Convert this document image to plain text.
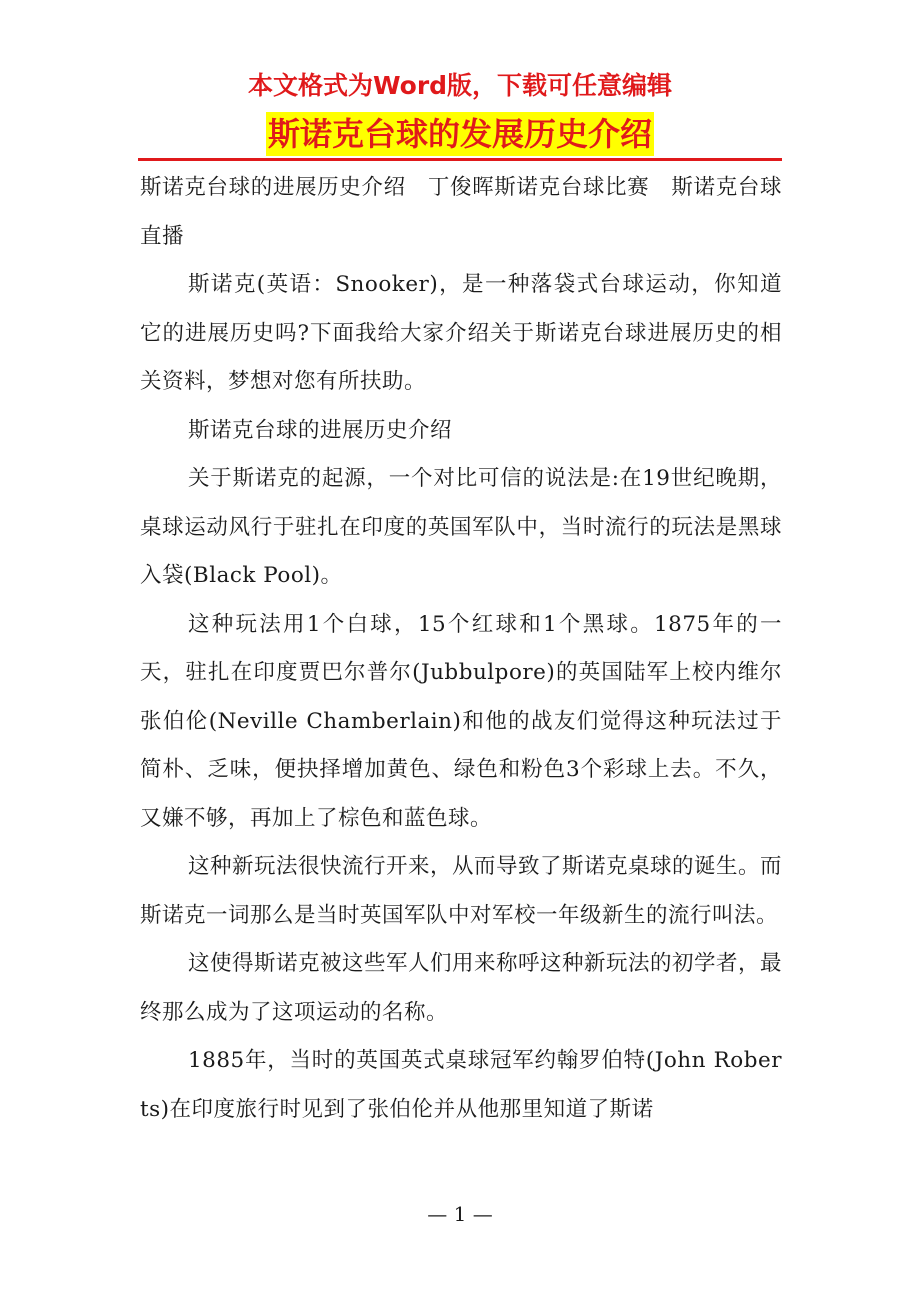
本文格式为Word版，下载可任意编辑
斯诺克台球的发展历史介绍

斯诺克台球的进展历史介绍　丁俊晖斯诺克台球比赛　斯诺克台球直播

斯诺克(英语：Snooker)，是一种落袋式台球运动，你知道它的进展历史吗?下面我给大家介绍关于斯诺克台球进展历史的相关资料，梦想对您有所扶助。

斯诺克台球的进展历史介绍

关于斯诺克的起源，一个对比可信的说法是:在19世纪晚期，桌球运动风行于驻扎在印度的英国军队中，当时流行的玩法是黑球入袋(Black Pool)。

这种玩法用1个白球，15个红球和1个黑球。1875年的一天，驻扎在印度贾巴尔普尔(Jubbulpore)的英国陆军上校内维尔张伯伦(Neville Chamberlain)和他的战友们觉得这种玩法过于简朴、乏味，便抉择增加黄色、绿色和粉色3个彩球上去。不久，又嫌不够，再加上了棕色和蓝色球。

这种新玩法很快流行开来，从而导致了斯诺克桌球的诞生。而斯诺克一词那么是当时英国军队中对军校一年级新生的流行叫法。

这使得斯诺克被这些军人们用来称呼这种新玩法的初学者，最终那么成为了这项运动的名称。

1885年，当时的英国英式桌球冠军约翰罗伯特(John Roberts)在印度旅行时见到了张伯伦并从他那里知道了斯诺

— 1 —
